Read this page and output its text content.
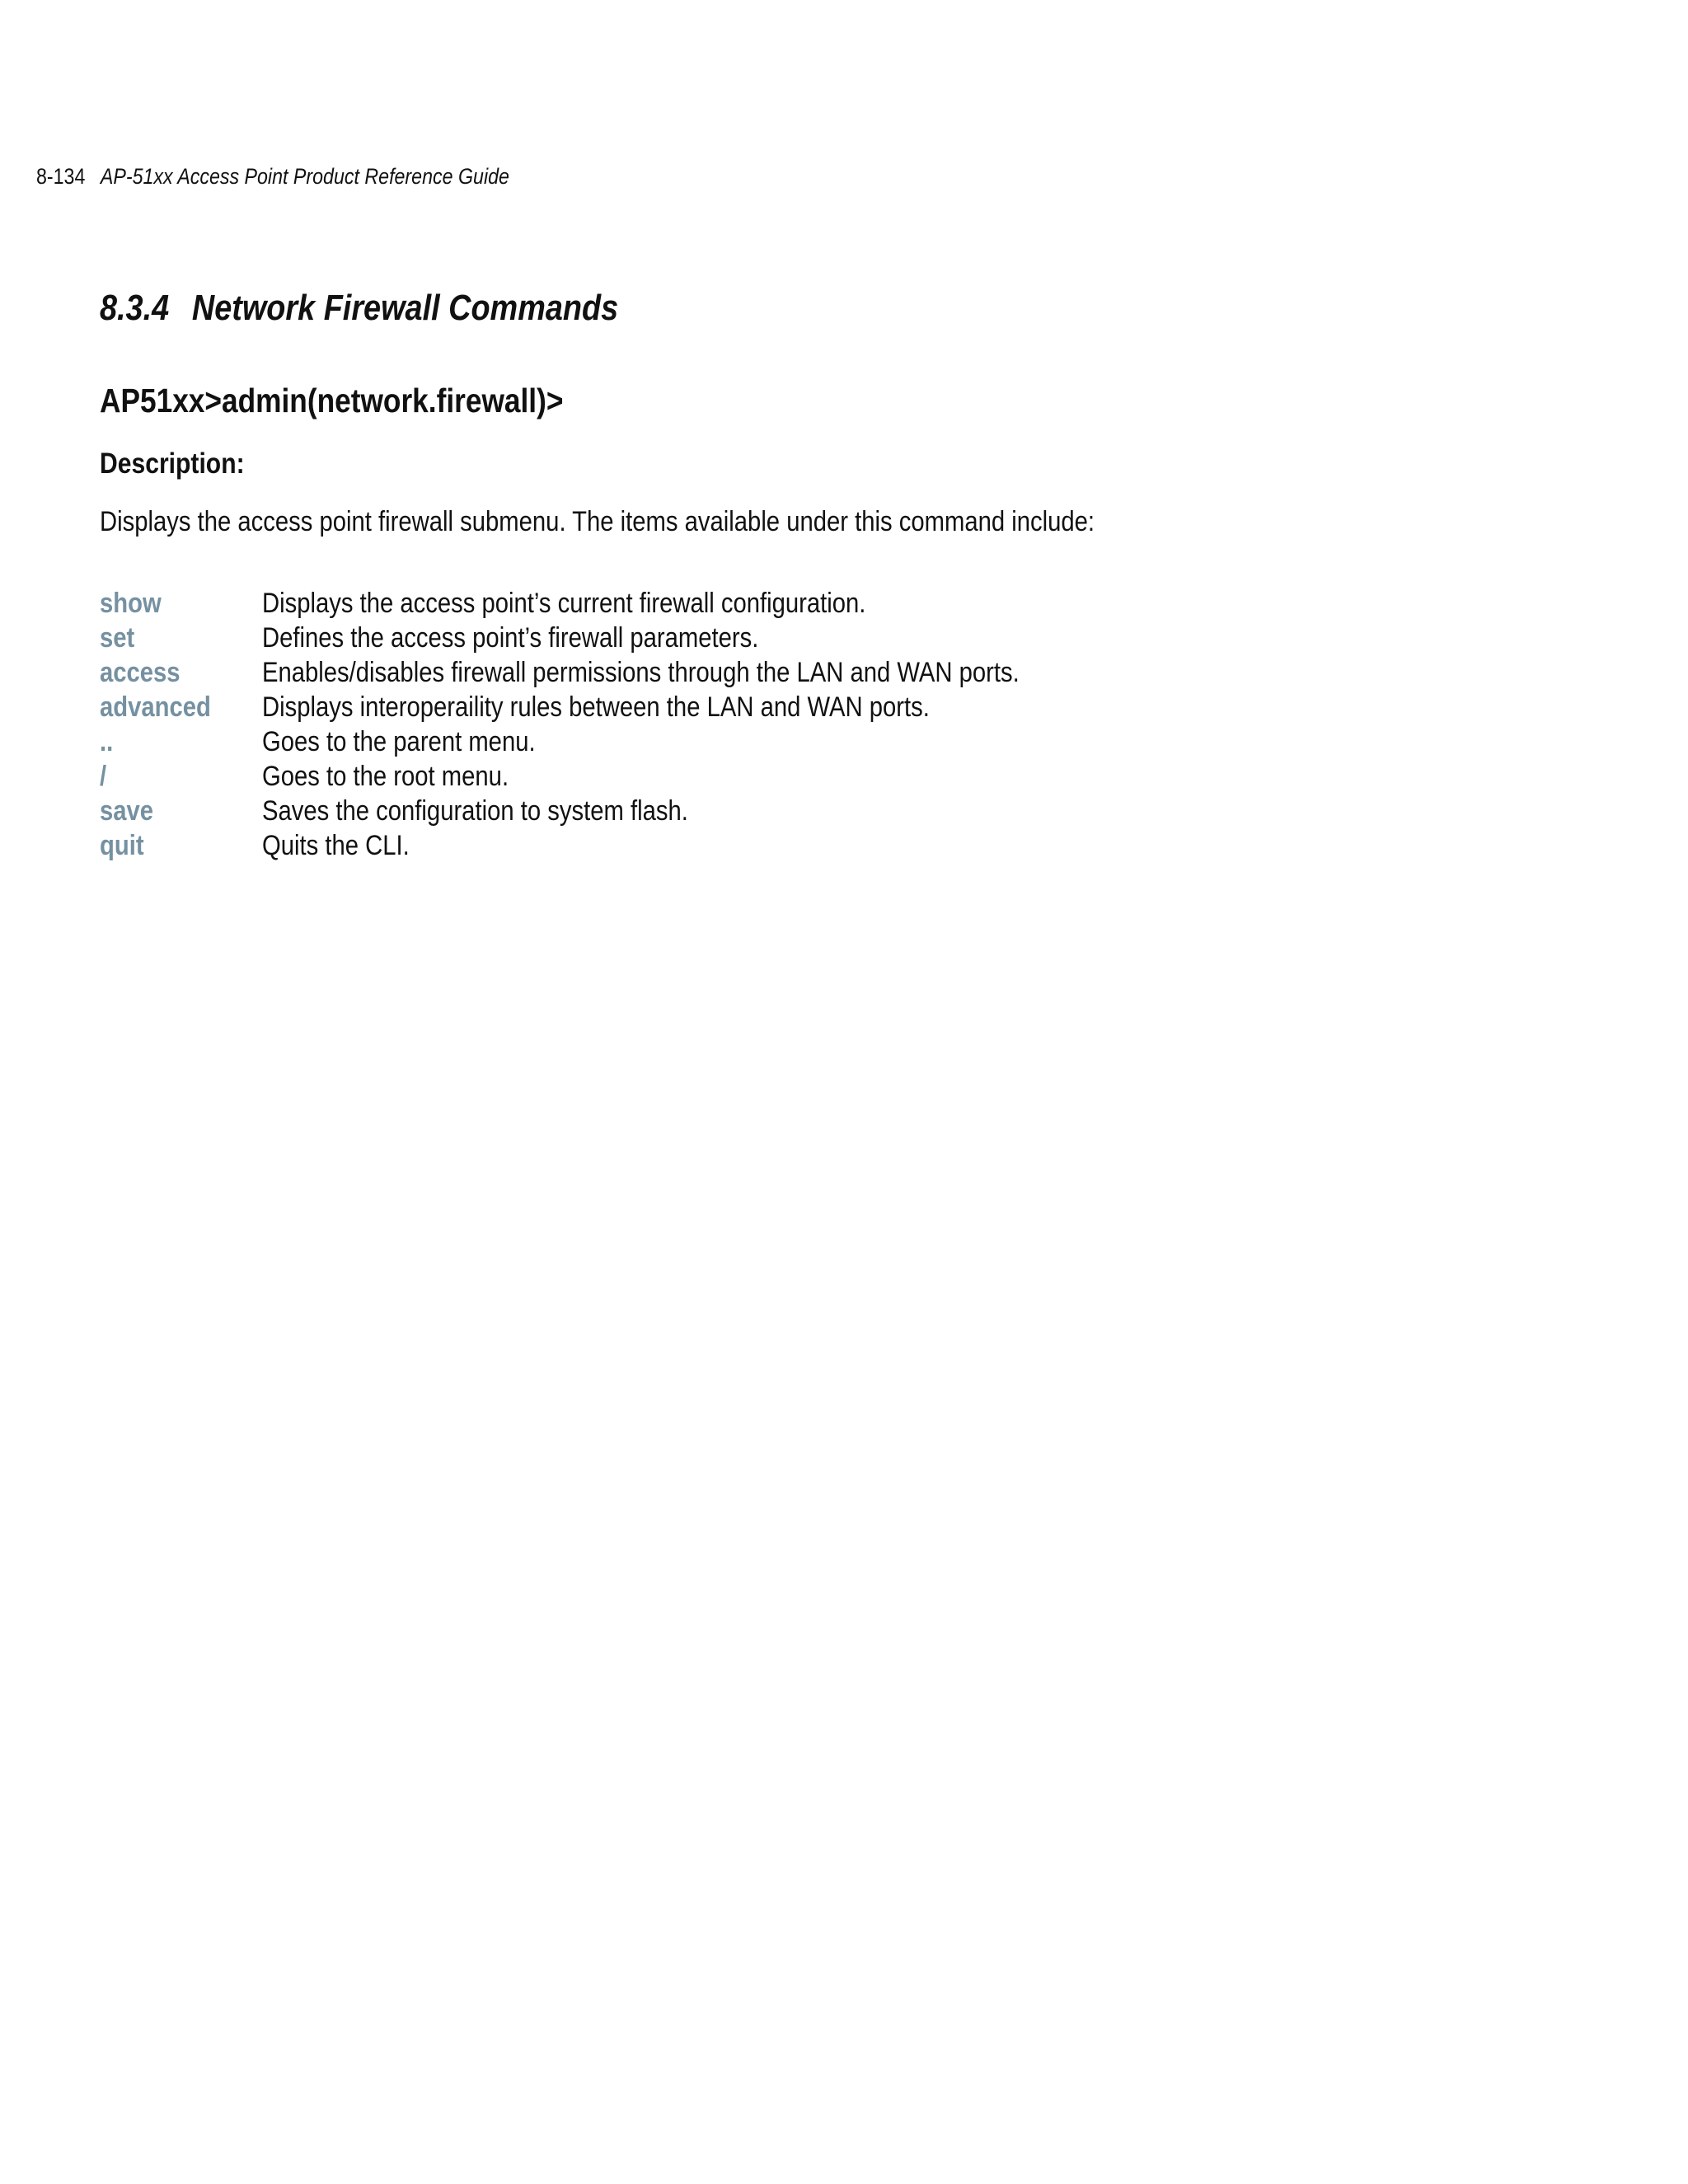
8-134 AP-51xx Access Point Product Reference Guide
8.3.4 Network Firewall Commands
AP51xx>admin(network.firewall)>
Description:
Displays the access point firewall submenu. The items available under this command include:
show	Displays the access point’s current firewall configuration.
set	Defines the access point’s firewall parameters.
access	Enables/disables firewall permissions through the LAN and WAN ports.
advanced Displays interoperaility rules between the LAN and WAN ports.
..	Goes to the parent menu.
/	Goes to the root menu.
save	Saves the configuration to system flash.
quit	Quits the CLI.
